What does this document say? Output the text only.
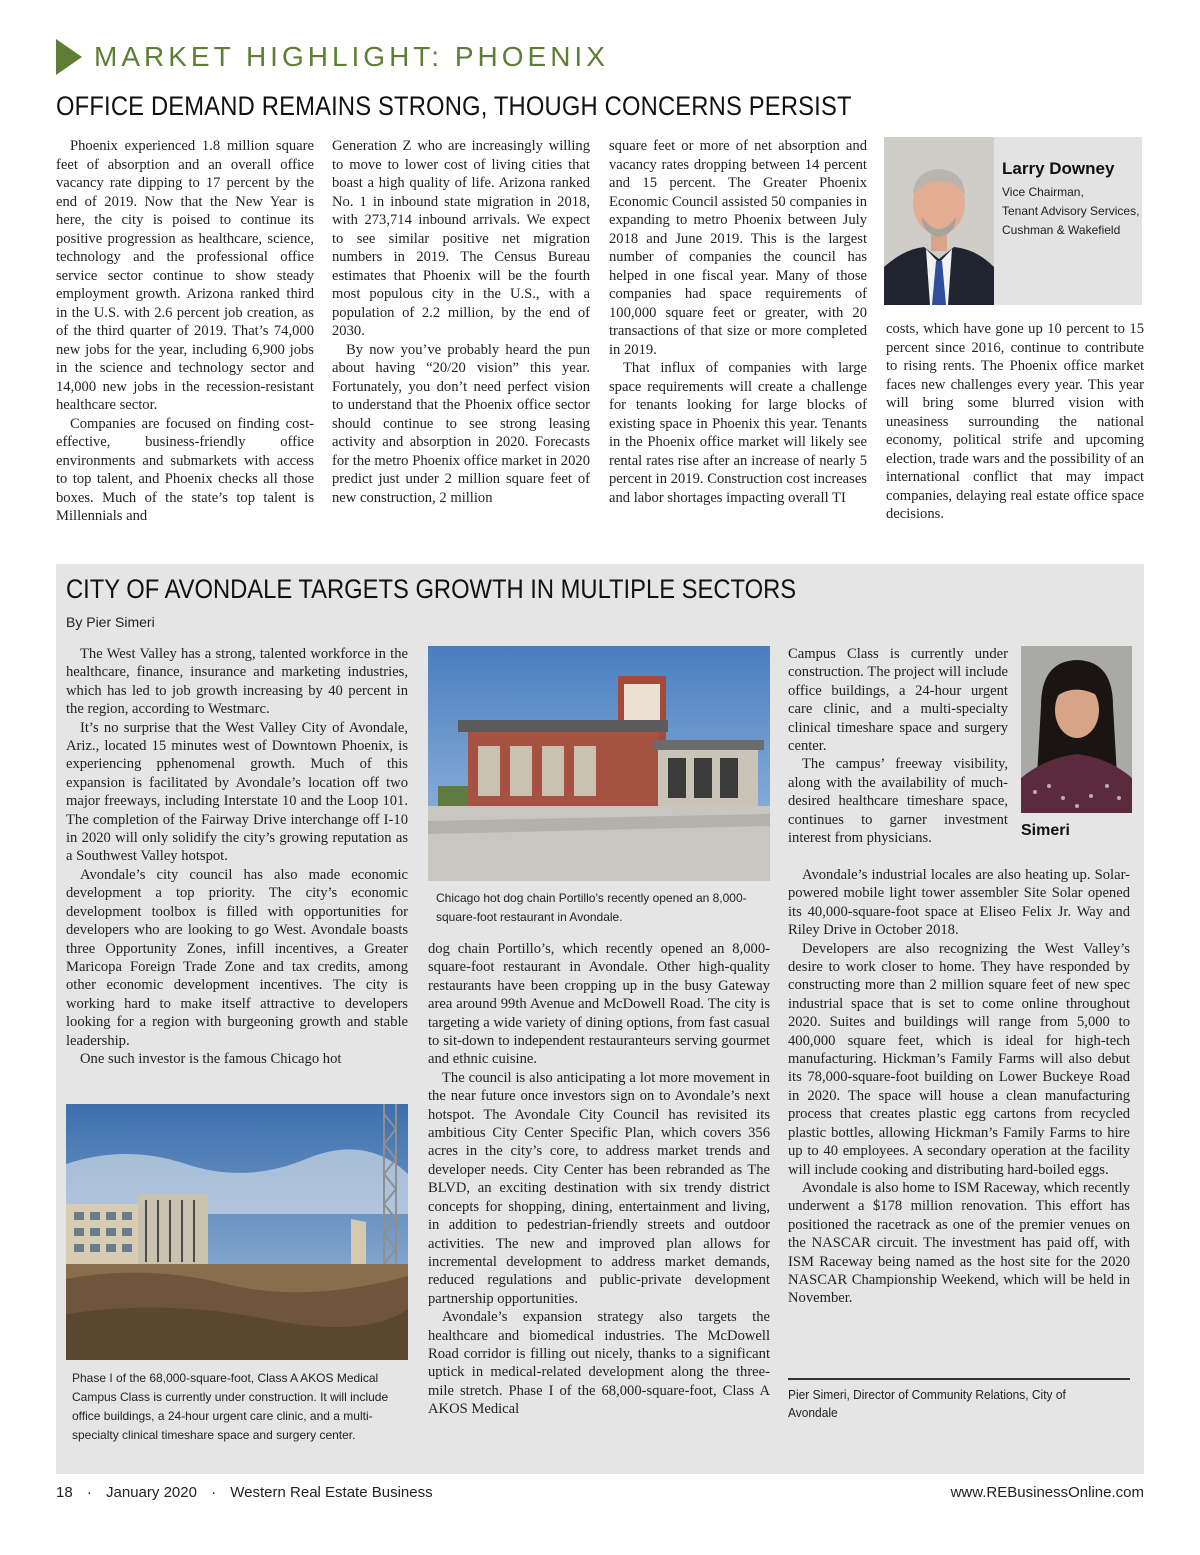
MARKET HIGHLIGHT: PHOENIX
OFFICE DEMAND REMAINS STRONG, THOUGH CONCERNS PERSIST

Phoenix experienced 1.8 million square feet of absorption and an overall office vacancy rate dipping to 17 percent by the end of 2019. Now that the New Year is here, the city is poised to continue its positive progression as healthcare, science, technology and the professional office service sector continue to show steady employment growth. Arizona ranked third in the U.S. with 2.6 percent job creation, as of the third quarter of 2019. That’s 74,000 new jobs for the year, including 6,900 jobs in the science and technology sector and 14,000 new jobs in the recession-resistant healthcare sector.

Companies are focused on finding cost-effective, business-friendly office environments and submarkets with access to top talent, and Phoenix checks all those boxes. Much of the state’s top talent is Millennials and

Generation Z who are increasingly willing to move to lower cost of living cities that boast a high quality of life. Arizona ranked No. 1 in inbound state migration in 2018, with 273,714 inbound arrivals. We expect to see similar positive net migration numbers in 2019. The Census Bureau estimates that Phoenix will be the fourth most populous city in the U.S., with a population of 2.2 million, by the end of 2030.

By now you’ve probably heard the pun about having “20/20 vision” this year. Fortunately, you don’t need perfect vision to understand that the Phoenix office sector should continue to see strong leasing activity and absorption in 2020. Forecasts for the metro Phoenix office market in 2020 predict just under 2 million square feet of new construction, 2 million

square feet or more of net absorption and vacancy rates dropping between 14 percent and 15 percent. The Greater Phoenix Economic Council assisted 50 companies in expanding to metro Phoenix between July 2018 and June 2019. This is the largest number of companies the council has helped in one fiscal year. Many of those companies had space requirements of 100,000 square feet or greater, with 20 transactions of that size or more completed in 2019.

That influx of companies with large space requirements will create a challenge for tenants looking for large blocks of existing space in Phoenix this year. Tenants in the Phoenix office market will likely see rental rates rise after an increase of nearly 5 percent in 2019. Construction cost increases and labor shortages impacting overall TI

Larry Downey
Vice Chairman,
Tenant Advisory Services,
Cushman & Wakefield

costs, which have gone up 10 percent to 15 percent since 2016, continue to contribute to rising rents. The Phoenix office market faces new challenges every year. This year will bring some blurred vision with uneasiness surrounding the national economy, political strife and upcoming election, trade wars and the possibility of an international conflict that may impact companies, delaying real estate office space decisions.

CITY OF AVONDALE TARGETS GROWTH IN MULTIPLE SECTORS
By Pier Simeri

The West Valley has a strong, talented workforce in the healthcare, finance, insurance and marketing industries, which has led to job growth increasing by 40 percent in the region, according to Westmarc.

It’s no surprise that the West Valley City of Avondale, Ariz., located 15 minutes west of Downtown Phoenix, is experiencing pphenomenal growth. Much of this expansion is facilitated by Avondale’s location off two major freeways, including Interstate 10 and the Loop 101. The completion of the Fairway Drive interchange off I-10 in 2020 will only solidify the city’s growing reputation as a Southwest Valley hotspot.

Avondale’s city council has also made economic development a top priority. The city’s economic development toolbox is filled with opportunities for developers who are looking to go West. Avondale boasts three Opportunity Zones, infill incentives, a Greater Maricopa Foreign Trade Zone and tax credits, among other economic development incentives. The city is working hard to make itself attractive to developers looking for a region with burgeoning growth and stable leadership.

One such investor is the famous Chicago hot

Phase I of the 68,000-square-foot, Class A AKOS Medical Campus Class is currently under construction. It will include office buildings, a 24-hour urgent care clinic, and a multi-specialty clinical timeshare space and surgery center.
Chicago hot dog chain Portillo’s recently opened an 8,000-square-foot restaurant in Avondale.

dog chain Portillo’s, which recently opened an 8,000-square-foot restaurant in Avondale. Other high-quality restaurants have been cropping up in the busy Gateway area around 99th Avenue and McDowell Road. The city is targeting a wide variety of dining options, from fast casual to sit-down to independent restauranteurs serving gourmet and ethnic cuisine.

The council is also anticipating a lot more movement in the near future once investors sign on to Avondale’s next hotspot. The Avondale City Council has revisited its ambitious City Center Specific Plan, which covers 356 acres in the city’s core, to address market trends and developer needs. City Center has been rebranded as The BLVD, an exciting destination with six trendy district concepts for shopping, dining, entertainment and living, in addition to pedestrian-friendly streets and outdoor activities. The new and improved plan allows for incremental development to address market demands, reduced regulations and public-private development partnership opportunities.

Avondale’s expansion strategy also targets the healthcare and biomedical industries. The McDowell Road corridor is filling out nicely, thanks to a significant uptick in medical-related development along the three-mile stretch. Phase I of the 68,000-square-foot, Class A AKOS Medical

Campus Class is currently under construction. The project will include office buildings, a 24-hour urgent care clinic, and a multi-specialty clinical timeshare space and surgery center.

The campus’ freeway visibility, along with the availability of much-desired healthcare timeshare space, continues to garner investment interest from physicians.	Simeri

Avondale’s industrial locales are also heating up. Solar-powered mobile light tower assembler Site Solar opened its 40,000-square-foot space at Eliseo Felix Jr. Way and Riley Drive in October 2018.

Developers are also recognizing the West Valley’s desire to work closer to home. They have responded by constructing more than 2 million square feet of new spec industrial space that is set to come online throughout 2020. Suites and buildings will range from 5,000 to 400,000 square feet, which is ideal for high-tech manufacturing. Hickman’s Family Farms will also debut its 78,000-square-foot building on Lower Buckeye Road in 2020. The space will house a clean manufacturing process that creates plastic egg cartons from recycled plastic bottles, allowing Hickman’s Family Farms to hire up to 40 employees. A secondary operation at the facility will include cooking and distributing hard-boiled eggs.

Avondale is also home to ISM Raceway, which recently underwent a $178 million renovation. This effort has positioned the racetrack as one of the premier venues on the NASCAR circuit. The investment has paid off, with ISM Raceway being named as the host site for the 2020 NASCAR Championship Weekend, which will be held in November.

Pier Simeri, Director of Community Relations, City of Avondale
18 · January 2020 · Western Real Estate Business	www.REBusinessOnline.com
